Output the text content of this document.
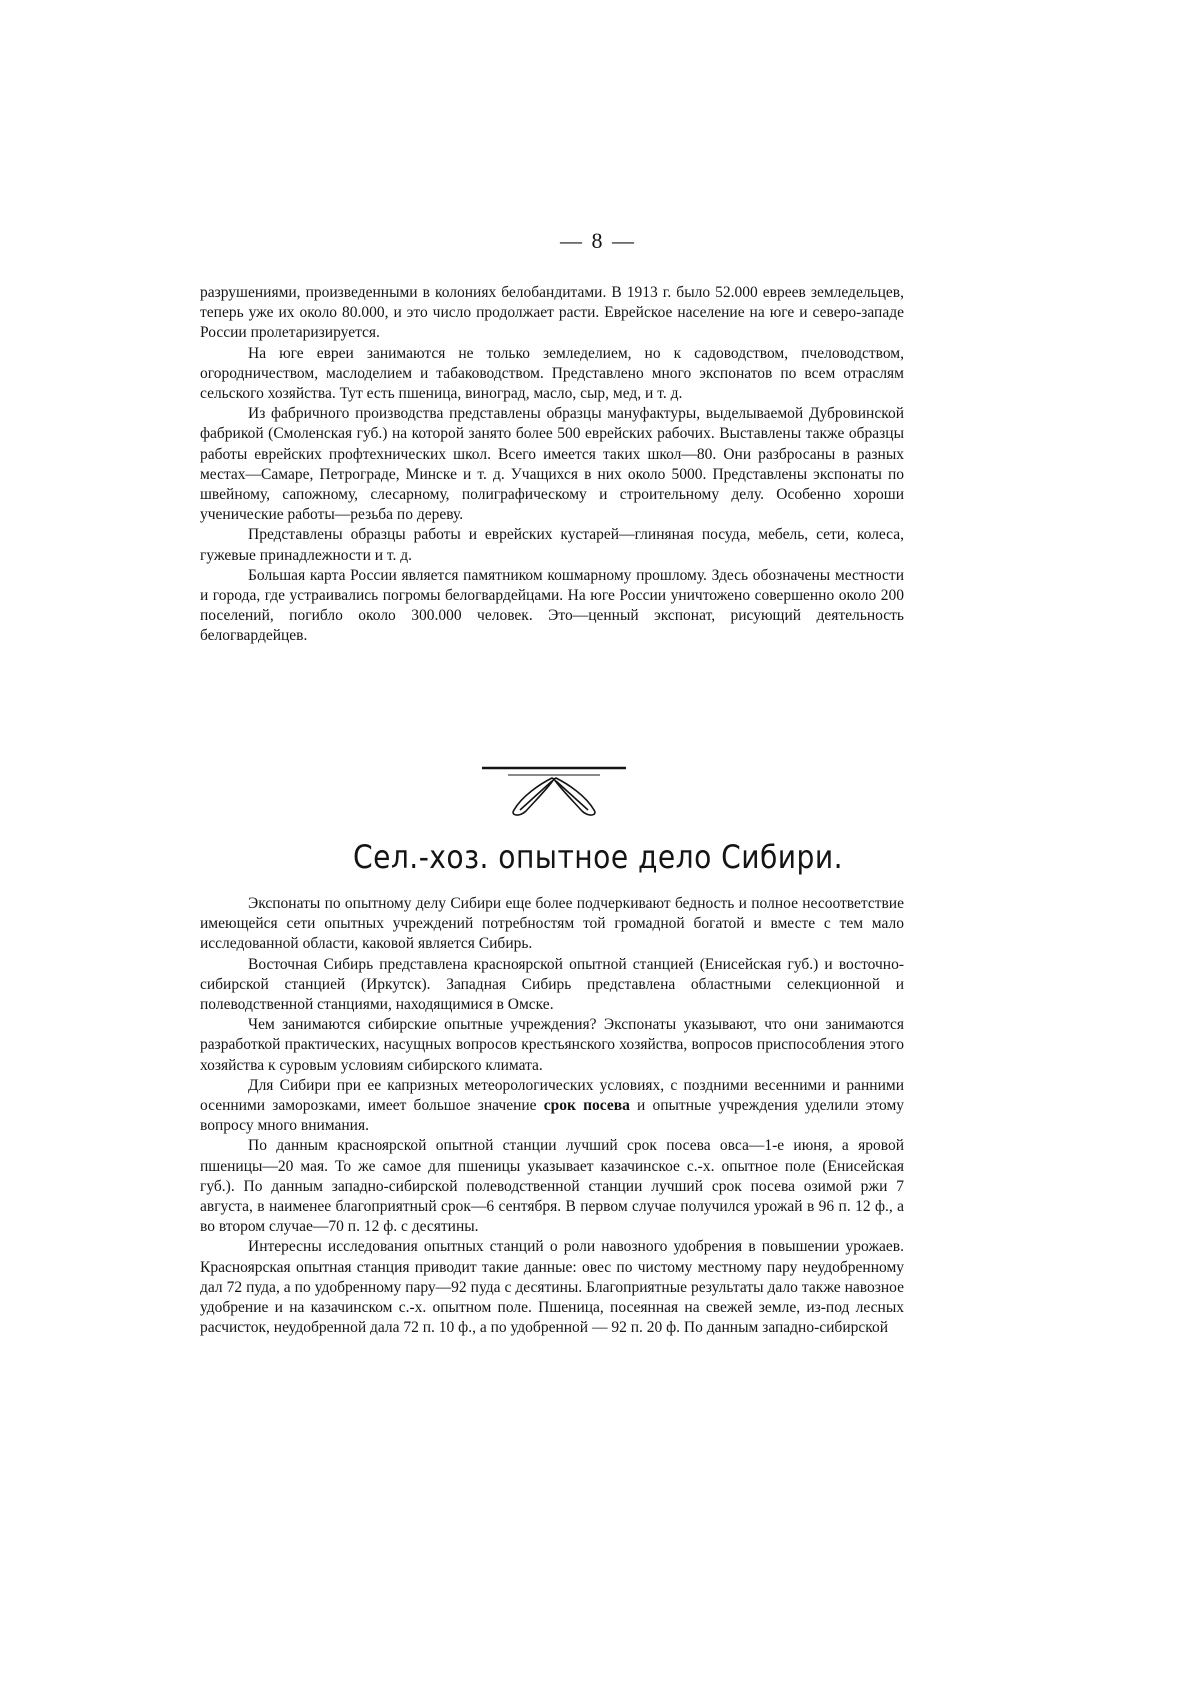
— 8 —

разрушениями, произведенными в колониях белобандитами. В 1913 г. было 52.000 евреев земледельцев, теперь уже их около 80.000, и это число продолжает расти. Еврейское население на юге и северо-западе России пролетаризируется.

На юге евреи занимаются не только земледелием, но к садоводством, пчеловодством, огородничеством, маслоделием и табаководством. Представлено много экспонатов по всем отраслям сельского хозяйства. Тут есть пшеница, виноград, масло, сыр, мед, и т. д.

Из фабричного производства представлены образцы мануфактуры, выделываемой Дубровинской фабрикой (Смоленская губ.) на которой занято более 500 еврейских рабочих. Выставлены также образцы работы еврейских профтехнических школ. Всего имеется таких школ—80. Они разбросаны в разных местах—Самаре, Петрограде, Минске и т. д. Учащихся в них около 5000. Представлены экспонаты по швейному, сапожному, слесарному, полиграфическому и строительному делу. Особенно хороши ученические работы—резьба по дереву.

Представлены образцы работы и еврейских кустарей—глиняная посуда, мебель, сети, колеса, гужевые принадлежности и т. д.

Большая карта России является памятником кошмарному прошлому. Здесь обозначены местности и города, где устраивались погромы белогвардейцами. На юге России уничтожено совершенно около 200 поселений, погибло около 300.000 человек. Это—ценный экспонат, рисующий деятельность белогвардейцев.

Сел.-хоз. опытное дело Сибири.

Экспонаты по опытному делу Сибири еще более подчеркивают бедность и полное несоответствие имеющейся сети опытных учреждений потребностям той громадной богатой и вместе с тем мало исследованной области, каковой является Сибирь.

Восточная Сибирь представлена красноярской опытной станцией (Енисейская губ.) и восточно-сибирской станцией (Иркутск). Западная Сибирь представлена областными селекционной и полеводственной станциями, находящимися в Омске.

Чем занимаются сибирские опытные учреждения? Экспонаты указывают, что они занимаются разработкой практических, насущных вопросов крестьянского хозяйства, вопросов приспособления этого хозяйства к суровым условиям сибирского климата.

Для Сибири при ее капризных метеорологических условиях, с поздними весенними и ранними осенними заморозками, имеет большое значение срок посева и опытные учреждения уделили этому вопросу много внимания.

По данным красноярской опытной станции лучший срок посева овса—1-е июня, а яровой пшеницы—20 мая. То же самое для пшеницы указывает казачинское с.-х. опытное поле (Енисейская губ.). По данным западно-сибирской полеводственной станции лучший срок посева озимой ржи 7 августа, в наименее благоприятный срок—6 сентября. В первом случае получился урожай в 96 п. 12 ф., а во втором случае—70 п. 12 ф. с десятины.

Интересны исследования опытных станций о роли навозного удобрения в повышении урожаев. Красноярская опытная станция приводит такие данные: овес по чистому местному пару неудобренному дал 72 пуда, а по удобренному пару—92 пуда с десятины. Благоприятные результаты дало также навозное удобрение и на казачинском с.-х. опытном поле. Пшеница, посеянная на свежей земле, из-под лесных расчисток, неудобренной дала 72 п. 10 ф., а по удобренной — 92 п. 20 ф. По данным западно-сибирской
